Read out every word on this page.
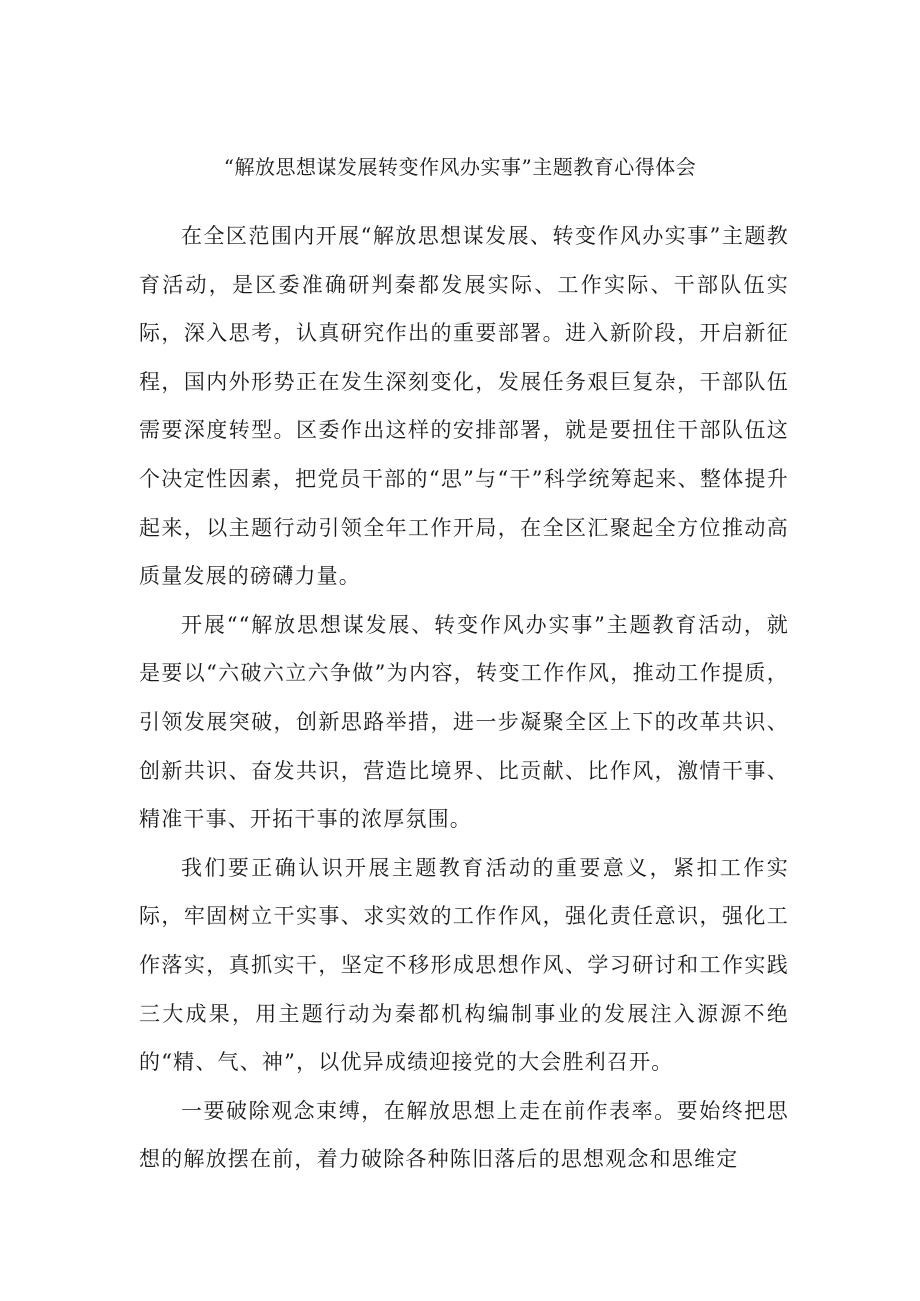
“解放思想谋发展转变作风办实事”主题教育心得体会

在全区范围内开展“解放思想谋发展、转变作风办实事”主题教育活动，是区委准确研判秦都发展实际、工作实际、干部队伍实际，深入思考，认真研究作出的重要部署。进入新阶段，开启新征程，国内外形势正在发生深刻变化，发展任务艰巨复杂，干部队伍需要深度转型。区委作出这样的安排部署，就是要扭住干部队伍这个决定性因素，把党员干部的“思”与“干”科学统筹起来、整体提升起来，以主题行动引领全年工作开局，在全区汇聚起全方位推动高质量发展的磅礴力量。

开展““解放思想谋发展、转变作风办实事”主题教育活动，就是要以“六破六立六争做”为内容，转变工作作风，推动工作提质，引领发展突破，创新思路举措，进一步凝聚全区上下的改革共识、创新共识、奋发共识，营造比境界、比贡献、比作风，激情干事、精准干事、开拓干事的浓厚氛围。

我们要正确认识开展主题教育活动的重要意义，紧扣工作实际，牢固树立干实事、求实效的工作作风，强化责任意识，强化工作落实，真抓实干，坚定不移形成思想作风、学习研讨和工作实践三大成果，用主题行动为秦都机构编制事业的发展注入源源不绝的“精、气、神”，以优异成绩迎接党的大会胜利召开。

一要破除观念束缚，在解放思想上走在前作表率。要始终把思想的解放摆在前，着力破除各种陈旧落后的思想观念和思维定
